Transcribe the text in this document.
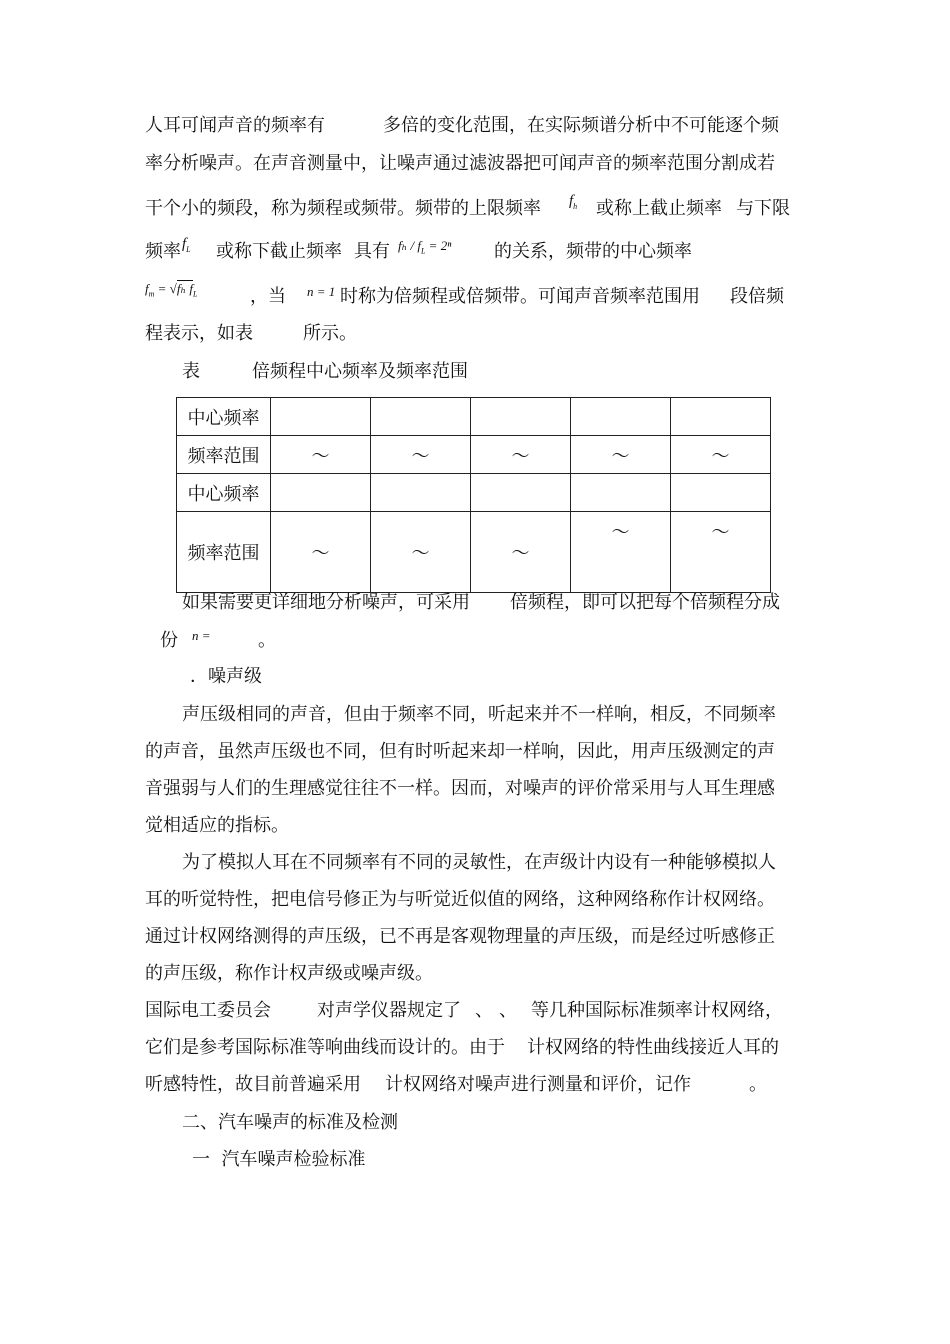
人耳可闻声音的频率有	多倍的变化范围，在实际频谱分析中不可能逐个频
率分析噪声。在声音测量中，让噪声通过滤波器把可闻声音的频率范围分割成若
干个小的频段，称为频程或频带。频带的上限频率 $f_h$ 或称上截止频率 与下限
频率 $f_L$ 或称下截止频率 具有 $f_h / f_L = 2^n$ 的关系，频带的中心频率
$f_m = √f_h$ $f_L$	，当 n = 1 时称为倍频程或倍频带。可闻声音频率范围用 段倍频
程表示，如表	所示。
表	倍频程中心频率及频率范围
中心频率					
频率范围	～	～	～	～	～
中心频率					
频率范围	～	～	～	～	～
如果需要更详细地分析噪声，可采用 倍频程，即可以把每个倍频程分成
份 n =	。
．噪声级
声压级相同的声音，但由于频率不同，听起来并不一样响，相反，不同频率
的声音，虽然声压级也不同，但有时听起来却一样响，因此，用声压级测定的声
音强弱与人们的生理感觉往往不一样。因而，对噪声的评价常采用与人耳生理感
觉相适应的指标。
为了模拟人耳在不同频率有不同的灵敏性，在声级计内设有一种能够模拟人
耳的听觉特性，把电信号修正为与听觉近似值的网络，这种网络称作计权网络。
通过计权网络测得的声压级，已不再是客观物理量的声压级，而是经过听感修正
的声压级，称作计权声级或噪声级。
国际电工委员会	对声学仪器规定了 、 、 等几种国际标准频率计权网络，
它们是参考国际标准等响曲线而设计的。由于 计权网络的特性曲线接近人耳的
听感特性，故目前普遍采用 计权网络对噪声进行测量和评价，记作	。
二、汽车噪声的标准及检测
一  汽车噪声检验标准
